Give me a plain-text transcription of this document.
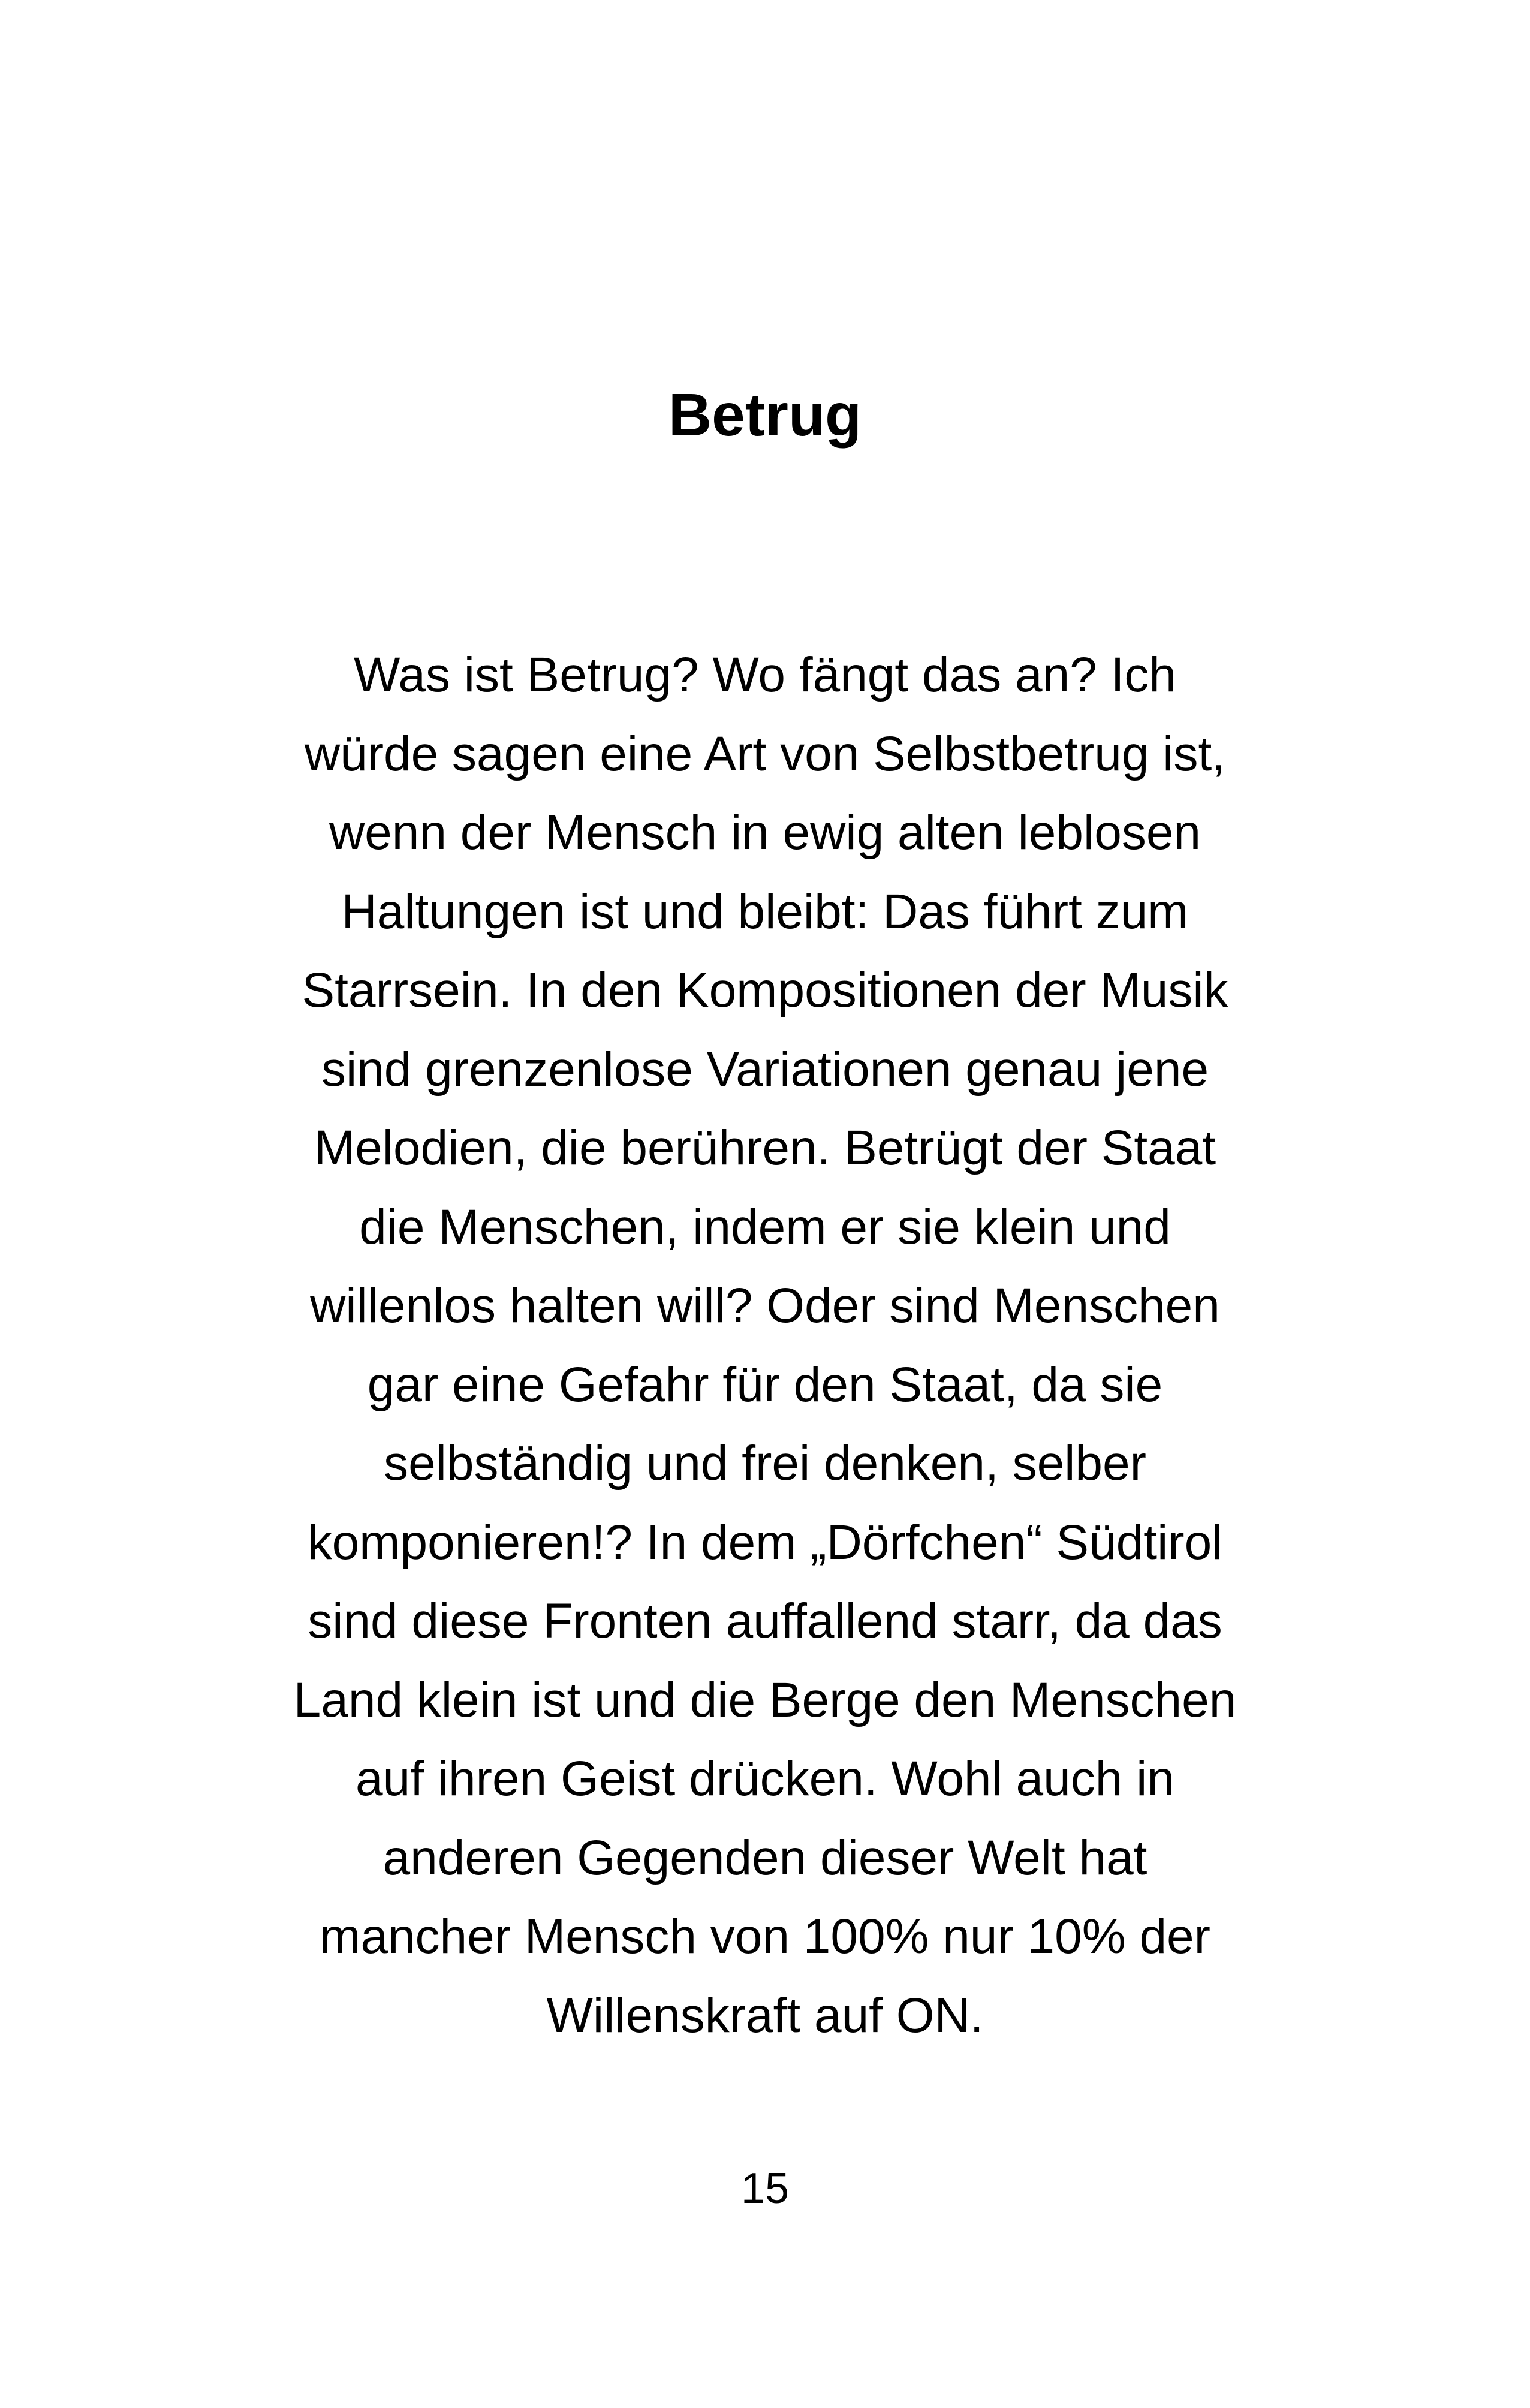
Betrug

Was ist Betrug? Wo fängt das an? Ich
würde sagen eine Art von Selbstbetrug ist,
wenn der Mensch in ewig alten leblosen
Haltungen ist und bleibt: Das führt zum
Starrsein. In den Kompositionen der Musik
sind grenzenlose Variationen genau jene
Melodien, die berühren. Betrügt der Staat
die Menschen, indem er sie klein und
willenlos halten will? Oder sind Menschen
gar eine Gefahr für den Staat, da sie
selbständig und frei denken, selber
komponieren!? In dem „Dörfchen“ Südtirol
sind diese Fronten auffallend starr, da das
Land klein ist und die Berge den Menschen
auf ihren Geist drücken. Wohl auch in
anderen Gegenden dieser Welt hat
mancher Mensch von 100% nur 10% der
Willenskraft auf ON.

15
